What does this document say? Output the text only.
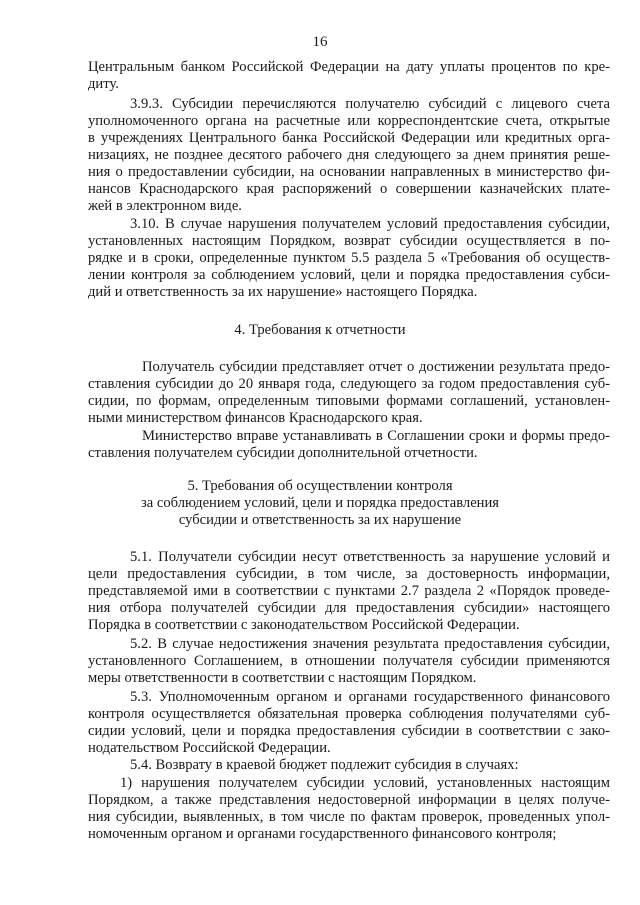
16
Центральным банком Российской Федерации на дату уплаты процентов по кре-
диту.
3.9.3. Субсидии перечисляются получателю субсидий с лицевого счета
уполномоченного органа на расчетные или корреспондентские счета, открытые
в учреждениях Центрального банка Российской Федерации или кредитных орга-
низациях, не позднее десятого рабочего дня следующего за днем принятия реше-
ния о предоставлении субсидии, на основании направленных в министерство фи-
нансов Краснодарского края распоряжений о совершении казначейских плате-
жей в электронном виде.
3.10. В случае нарушения получателем условий предоставления субсидии,
установленных настоящим Порядком, возврат субсидии осуществляется в по-
рядке и в сроки, определенные пунктом 5.5 раздела 5 «Требования об осуществ-
лении контроля за соблюдением условий, цели и порядка предоставления субси-
дий и ответственность за их нарушение» настоящего Порядка.
4. Требования к отчетности
Получатель субсидии представляет отчет о достижении результата предо-
ставления субсидии до 20 января года, следующего за годом предоставления суб-
сидии, по формам, определенным типовыми формами соглашений, установлен-
ными министерством финансов Краснодарского края.
Министерство вправе устанавливать в Соглашении сроки и формы предо-
ставления получателем субсидии дополнительной отчетности.
5. Требования об осуществлении контроля
за соблюдением условий, цели и порядка предоставления
субсидии и ответственность за их нарушение
5.1. Получатели субсидии несут ответственность за нарушение условий и
цели предоставления субсидии, в том числе, за достоверность информации,
представляемой ими в соответствии с пунктами 2.7 раздела 2 «Порядок проведе-
ния отбора получателей субсидии для предоставления субсидии» настоящего
Порядка в соответствии с законодательством Российской Федерации.
5.2. В случае недостижения значения результата предоставления субсидии,
установленного Соглашением, в отношении получателя субсидии применяются
меры ответственности в соответствии с настоящим Порядком.
5.3. Уполномоченным органом и органами государственного финансового
контроля осуществляется обязательная проверка соблюдения получателями суб-
сидии условий, цели и порядка предоставления субсидии в соответствии с зако-
нодательством Российской Федерации.
5.4. Возврату в краевой бюджет подлежит субсидия в случаях:
1) нарушения получателем субсидии условий, установленных настоящим
Порядком, а также представления недостоверной информации в целях получе-
ния субсидии, выявленных, в том числе по фактам проверок, проведенных упол-
номоченным органом и органами государственного финансового контроля;
